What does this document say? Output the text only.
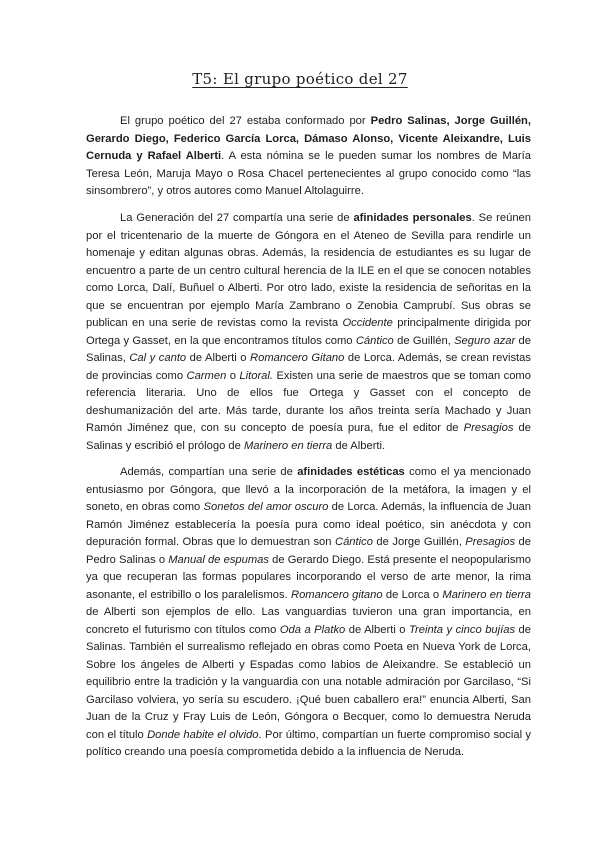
T5: El grupo poético del 27

El grupo poético del 27 estaba conformado por Pedro Salinas, Jorge Guillén, Gerardo Diego, Federico García Lorca, Dámaso Alonso, Vicente Aleixandre, Luis Cernuda y Rafael Alberti. A esta nómina se le pueden sumar los nombres de María Teresa León, Maruja Mayo o Rosa Chacel pertenecientes al grupo conocido como “las sinsombrero”, y otros autores como Manuel Altolaguirre.

La Generación del 27 compartía una serie de afinidades personales. Se reúnen por el tricentenario de la muerte de Góngora en el Ateneo de Sevilla para rendirle un homenaje y editan algunas obras. Además, la residencia de estudiantes es su lugar de encuentro a parte de un centro cultural herencia de la ILE en el que se conocen notables como Lorca, Dalí, Buñuel o Alberti. Por otro lado, existe la residencia de señoritas en la que se encuentran por ejemplo María Zambrano o Zenobia Camprubí. Sus obras se publican en una serie de revistas como la revista Occidente principalmente dirigida por Ortega y Gasset, en la que encontramos títulos como Cántico de Guillén, Seguro azar de Salinas, Cal y canto de Alberti o Romancero Gitano de Lorca. Además, se crean revistas de provincias como Carmen o Litoral. Existen una serie de maestros que se toman como referencia literaria. Uno de ellos fue Ortega y Gasset con el concepto de deshumanización del arte. Más tarde, durante los años treinta sería Machado y Juan Ramón Jiménez que, con su concepto de poesía pura, fue el editor de Presagios de Salinas y escribió el prólogo de Marinero en tierra de Alberti.

Además, compartían una serie de afinidades estéticas como el ya mencionado entusiasmo por Góngora, que llevó a la incorporación de la metáfora, la imagen y el soneto, en obras como Sonetos del amor oscuro de Lorca. Además, la influencia de Juan Ramón Jiménez establecería la poesía pura como ideal poético, sin anécdota y con depuración formal. Obras que lo demuestran son Cántico de Jorge Guillén, Presagios de Pedro Salinas o Manual de espumas de Gerardo Diego. Está presente el neopopularismo ya que recuperan las formas populares incorporando el verso de arte menor, la rima asonante, el estribillo o los paralelismos. Romancero gitano de Lorca o Marinero en tierra de Alberti son ejemplos de ello. Las vanguardias tuvieron una gran importancia, en concreto el futurismo con títulos como Oda a Platko de Alberti o Treinta y cinco bujías de Salinas. También el surrealismo reflejado en obras como Poeta en Nueva York de Lorca, Sobre los ángeles de Alberti y Espadas como labios de Aleixandre. Se estableció un equilibrio entre la tradición y la vanguardia con una notable admiración por Garcilaso, “Si Garcilaso volviera, yo sería su escudero. ¡Qué buen caballero era!” enuncia Alberti, San Juan de la Cruz y Fray Luis de León, Góngora o Becquer, como lo demuestra Neruda con el título Donde habite el olvido. Por último, compartían un fuerte compromiso social y político creando una poesía comprometida debido a la influencia de Neruda.
